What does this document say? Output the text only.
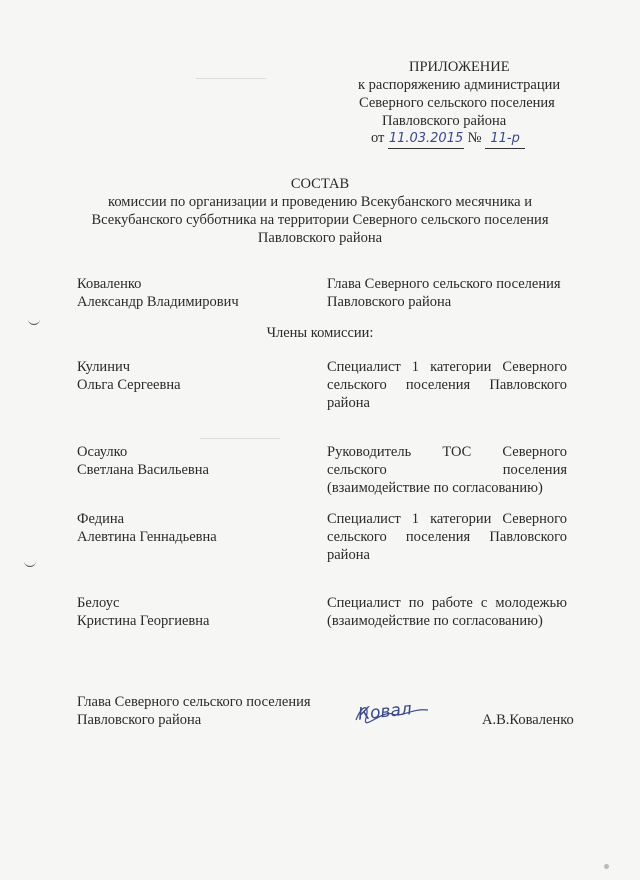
ПРИЛОЖЕНИЕ

к распоряжению администрации

Северного сельского поселения

Павловского района

от 11.03.2015 № 11-р

СОСТАВ

комиссии по организации и проведению Всекубанского месячника и

Всекубанского субботника на территории Северного сельского поселения

Павловского района

Коваленко

Александр Владимирович

Глава Северного сельского поселения

Павловского района

Члены комиссии:

Кулинич

Ольга Сергеевна

Специалист 1 категории Северного
сельского поселения Павловского

района

Осаулко

Светлана Васильевна

Руководитель ТОС Северного
сельского поселения

(взаимодействие по согласованию)

Федина

Алевтина Геннадьевна

Специалист 1 категории Северного
сельского поселения Павловского

района

Белоус

Кристина Георгиевна

Специалист по работе с молодежью

(взаимодействие по согласованию)

Глава Северного сельского поселения

Павловского района	Ковал	А.В.Коваленко
